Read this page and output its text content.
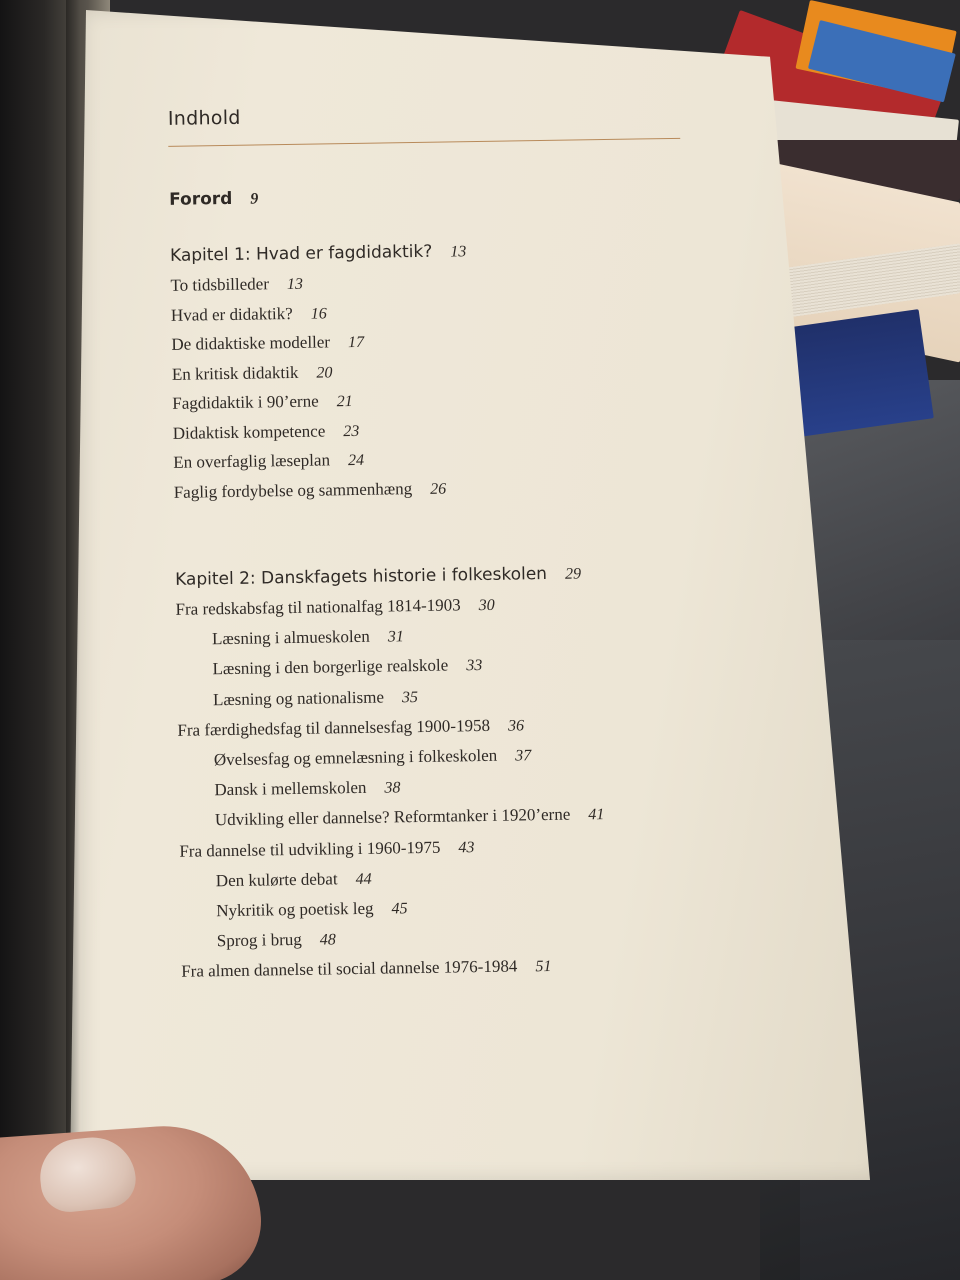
Indhold
Forord 9
Kapitel 1: Hvad er fagdidaktik? 13
To tidsbilleder 13
Hvad er didaktik? 16
De didaktiske modeller 17
En kritisk didaktik 20
Fagdidaktik i 90’erne 21
Didaktisk kompetence 23
En overfaglig læseplan 24
Faglig fordybelse og sammenhæng 26
Kapitel 2: Danskfagets historie i folkeskolen 29
Fra redskabsfag til nationalfag 1814-1903 30
Læsning i almueskolen 31
Læsning i den borgerlige realskole 33
Læsning og nationalisme 35
Fra færdighedsfag til dannelsesfag 1900-1958 36
Øvelsesfag og emnelæsning i folkeskolen 37
Dansk i mellemskolen 38
Udvikling eller dannelse? Reformtanker i 1920’erne 41
Fra dannelse til udvikling i 1960-1975 43
Den kulørte debat 44
Nykritik og poetisk leg 45
Sprog i brug 48
Fra almen dannelse til social dannelse 1976-1984 51
